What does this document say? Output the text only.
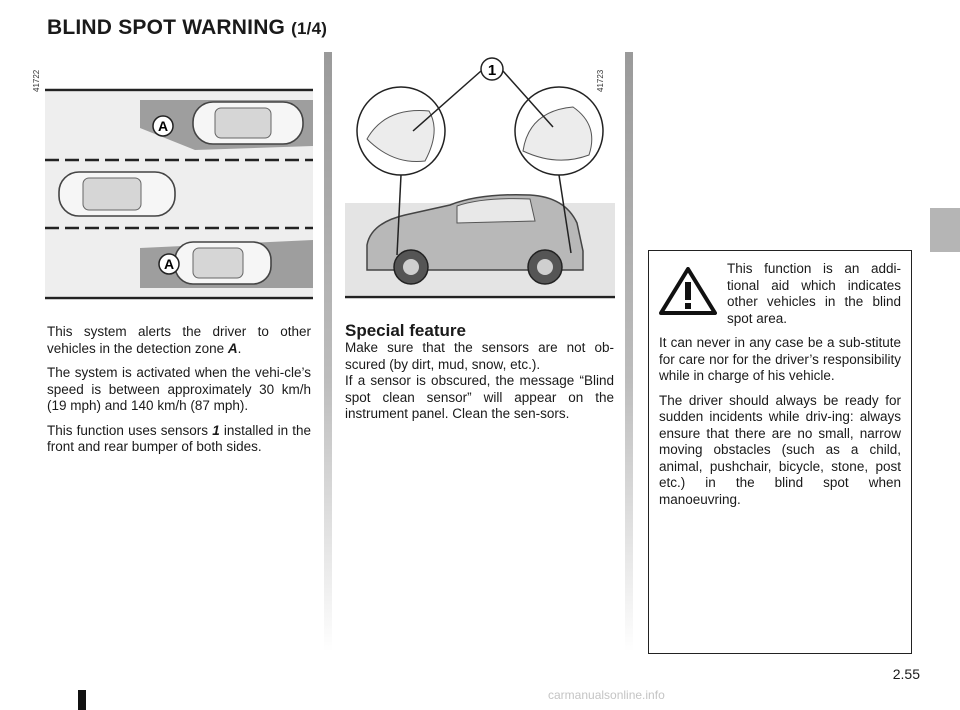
BLIND SPOT WARNING (1/4)
41722
A
A
41723
1

This system alerts the driver to other vehicles in the detection zone A.

The system is activated when the vehi-cle’s speed is between approximately 30 km/h (19 mph) and 140 km/h (87 mph).

This function uses sensors 1 installed in the front and rear bumper of both sides.

Special feature

Make sure that the sensors are not ob-scured (by dirt, mud, snow, etc.).

If a sensor is obscured, the message “Blind spot clean sensor” will appear on the instrument panel. Clean the sen-sors.

This function is an addi-tional aid which indicates other vehicles in the blind spot area.

It can never in any case be a sub-stitute for care nor for the driver’s responsibility while in charge of his vehicle.

The driver should always be ready for sudden incidents while driv-ing: always ensure that there are no small, narrow moving obstacles (such as a child, animal, pushchair, bicycle, stone, post etc.) in the blind spot when manoeuvring.

2.55
carmanualsonline.info
